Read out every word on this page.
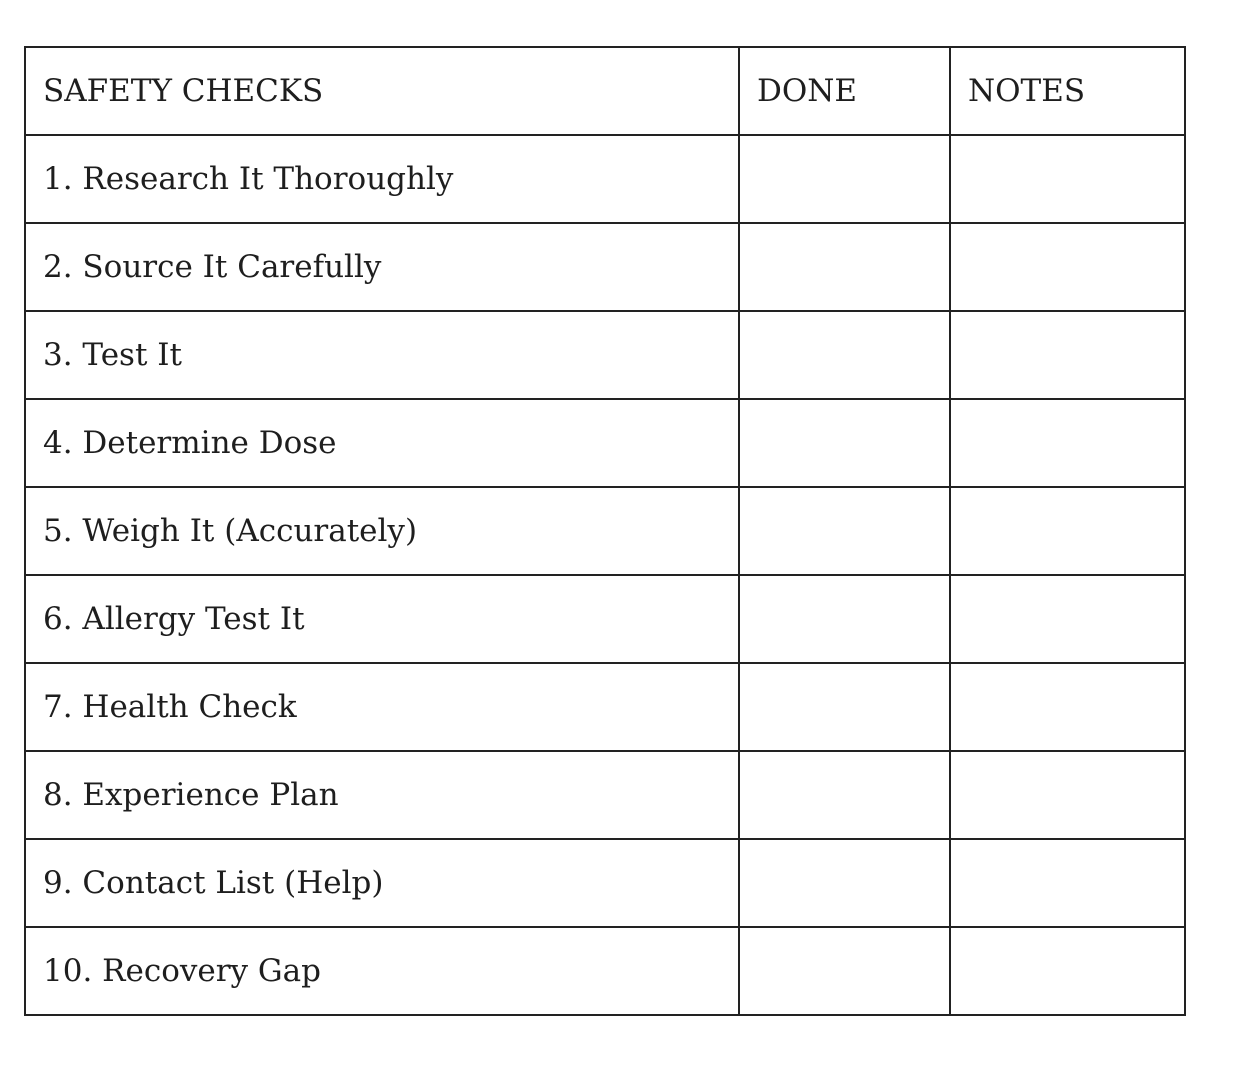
SAFETY CHECKS	DONE	NOTES
1. Research It Thoroughly		
2. Source It Carefully		
3. Test It		
4. Determine Dose		
5. Weigh It (Accurately)		
6. Allergy Test It		
7. Health Check		
8. Experience Plan		
9. Contact List (Help)		
10. Recovery Gap		
